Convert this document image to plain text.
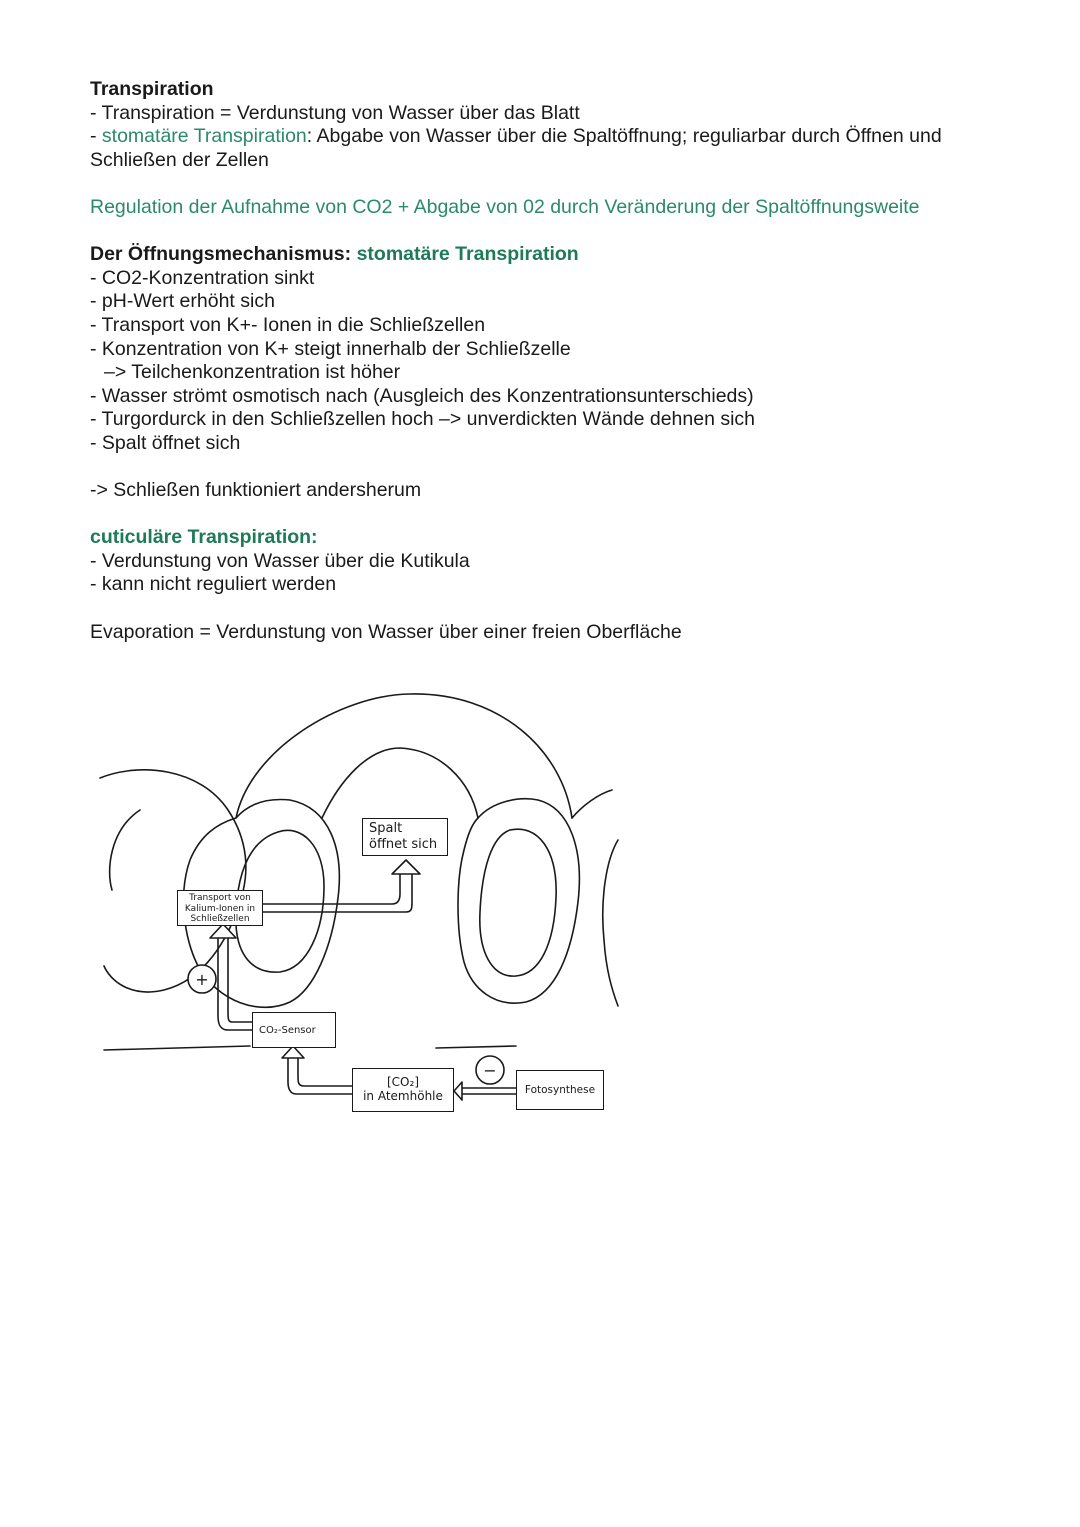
Transpiration

- Transpiration = Verdunstung von Wasser über das Blatt

- stomatäre Transpiration: Abgabe von Wasser über die Spaltöffnung; reguliarbar durch Öffnen und

Schließen der Zellen

Regulation der Aufnahme von CO2 + Abgabe von 02 durch Veränderung der Spaltöffnungsweite

Der Öffnungsmechanismus: stomatäre Transpiration

- CO2-Konzentration sinkt

- pH-Wert erhöht sich

- Transport von K+- Ionen in die Schließzellen

- Konzentration von K+ steigt innerhalb der Schließzelle

–> Teilchenkonzentration ist höher

- Wasser strömt osmotisch nach (Ausgleich des Konzentrationsunterschieds)

- Turgordurck in den Schließzellen hoch –> unverdickten Wände dehnen sich

- Spalt öffnet sich

-> Schließen funktioniert andersherum

cuticuläre Transpiration:

- Verdunstung von Wasser über die Kutikula

- kann nicht reguliert werden

Evaporation = Verdunstung von Wasser über einer freien Oberfläche

+
−
Spalt
öffnet sich
Transport von
Kalium-Ionen in
Schließzellen
CO₂-Sensor
[CO₂]
in Atemhöhle	Fotosynthese
